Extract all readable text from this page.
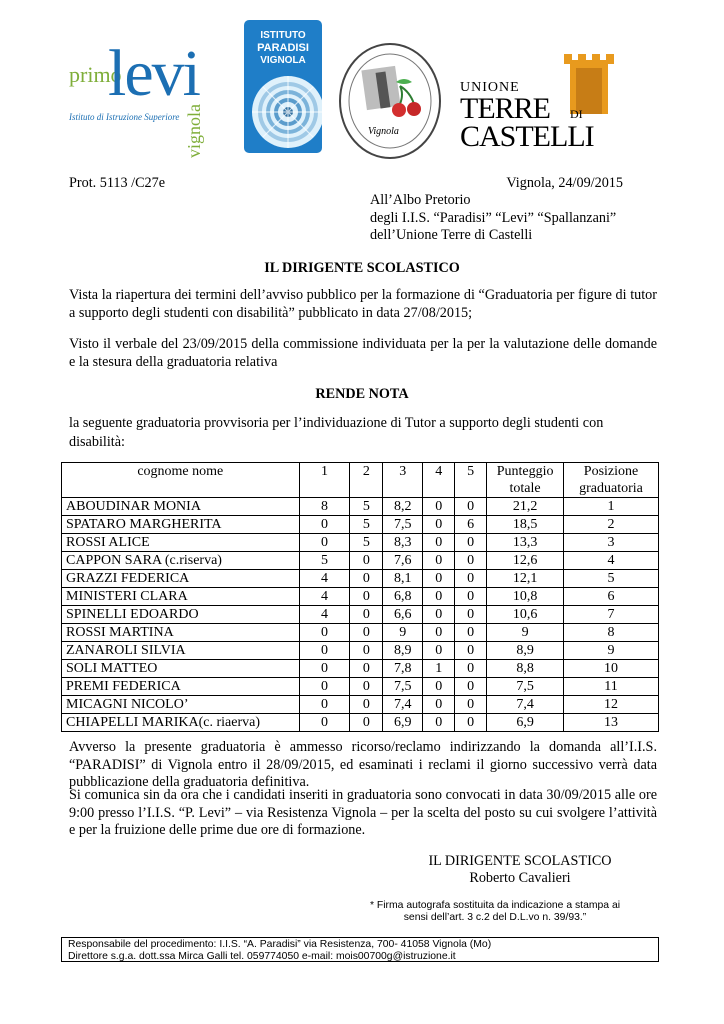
primo
levi
Istituto di Istruzione Superiore vignola
ISTITUTO
PARADISI
VIGNOLA
Vignola
UNIONE
TERRE DI
CASTELLI
Prot. 5113 /C27e	Vignola, 24/09/2015
All’Albo Pretorio
degli I.I.S. “Paradisi” “Levi” “Spallanzani”
dell’Unione Terre di Castelli
IL DIRIGENTE SCOLASTICO
Vista la riapertura dei termini dell’avviso pubblico per la formazione di “Graduatoria per figure di tutor a supporto degli studenti con disabilità” pubblicato in data 27/08/2015;
Visto il verbale del 23/09/2015 della commissione individuata per la per la valutazione delle domande e la stesura della graduatoria relativa
RENDE NOTA
la seguente graduatoria provvisoria per l’individuazione di Tutor a supporto degli studenti con disabilità:
cognome nome	1	2	3	4	5	Punteggio totale	Posizione graduatoria
ABOUDINAR MONIA	8	5	8,2	0	0	21,2	1
SPATARO MARGHERITA	0	5	7,5	0	6	18,5	2
ROSSI ALICE	0	5	8,3	0	0	13,3	3
CAPPON SARA (c.riserva)	5	0	7,6	0	0	12,6	4
GRAZZI FEDERICA	4	0	8,1	0	0	12,1	5
MINISTERI CLARA	4	0	6,8	0	0	10,8	6
SPINELLI EDOARDO	4	0	6,6	0	0	10,6	7
ROSSI MARTINA	0	0	9	0	0	9	8
ZANAROLI SILVIA	0	0	8,9	0	0	8,9	9
SOLI MATTEO	0	0	7,8	1	0	8,8	10
PREMI FEDERICA	0	0	7,5	0	0	7,5	11
MICAGNI NICOLO’	0	0	7,4	0	0	7,4	12
CHIAPELLI MARIKA(c. riaerva)	0	0	6,9	0	0	6,9	13
Avverso la presente graduatoria è ammesso ricorso/reclamo indirizzando la domanda all’I.I.S. “PARADISI” di Vignola entro il 28/09/2015, ed esaminati i reclami il giorno successivo verrà data pubblicazione della graduatoria definitiva.
Si comunica sin da ora che i candidati inseriti in graduatoria sono convocati in data 30/09/2015 alle ore 9:00 presso l’I.I.S. “P. Levi” – via Resistenza Vignola – per la scelta del posto su cui svolgere l’attività e per la fruizione delle prime due ore di formazione.
IL DIRIGENTE SCOLASTICO
Roberto Cavalieri
* Firma autografa sostituita da indicazione a stampa ai
sensi dell’art. 3 c.2 del D.L.vo n. 39/93.”
Responsabile del procedimento: I.I.S. “A. Paradisi” via Resistenza, 700- 41058 Vignola (Mo)
Direttore s.g.a. dott.ssa Mirca Galli tel. 059774050 e-mail: mois00700g@istruzione.it
